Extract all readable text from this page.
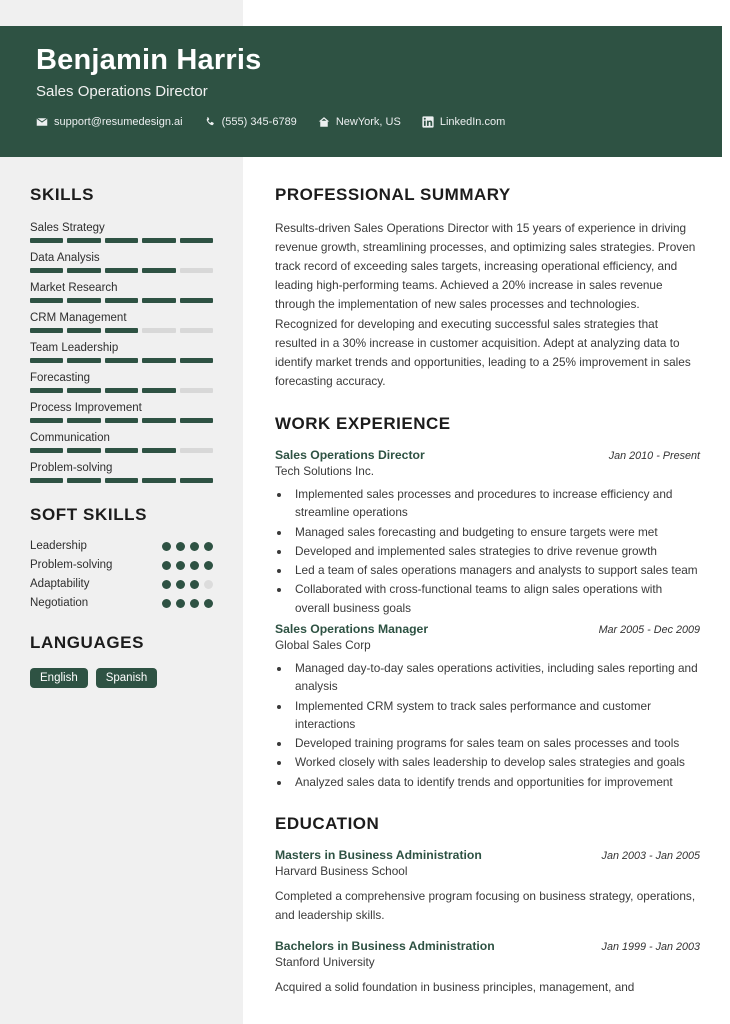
Benjamin Harris
Sales Operations Director
support@resumedesign.ai	(555) 345-6789	NewYork, US	LinkedIn.com
SKILLS
Sales Strategy
Data Analysis
Market Research
CRM Management
Team Leadership
Forecasting
Process Improvement
Communication
Problem-solving
SOFT SKILLS
Leadership
Problem-solving
Adaptability
Negotiation
LANGUAGES
English	Spanish
PROFESSIONAL SUMMARY
Results-driven Sales Operations Director with 15 years of experience in driving revenue growth, streamlining processes, and optimizing sales strategies. Proven track record of exceeding sales targets, increasing operational efficiency, and leading high-performing teams. Achieved a 20% increase in sales revenue through the implementation of new sales processes and technologies. Recognized for developing and executing successful sales strategies that resulted in a 30% increase in customer acquisition. Adept at analyzing data to identify market trends and opportunities, leading to a 25% improvement in sales forecasting accuracy.
WORK EXPERIENCE
Sales Operations Director	Jan 2010 - Present
Tech Solutions Inc.
• Implemented sales processes and procedures to increase efficiency and streamline operations
• Managed sales forecasting and budgeting to ensure targets were met
• Developed and implemented sales strategies to drive revenue growth
• Led a team of sales operations managers and analysts to support sales team
• Collaborated with cross-functional teams to align sales operations with overall business goals
Sales Operations Manager	Mar 2005 - Dec 2009
Global Sales Corp
• Managed day-to-day sales operations activities, including sales reporting and analysis
• Implemented CRM system to track sales performance and customer interactions
• Developed training programs for sales team on sales processes and tools
• Worked closely with sales leadership to develop sales strategies and goals
• Analyzed sales data to identify trends and opportunities for improvement
EDUCATION
Masters in Business Administration	Jan 2003 - Jan 2005
Harvard Business School
Completed a comprehensive program focusing on business strategy, operations, and leadership skills.
Bachelors in Business Administration	Jan 1999 - Jan 2003
Stanford University
Acquired a solid foundation in business principles, management, and
